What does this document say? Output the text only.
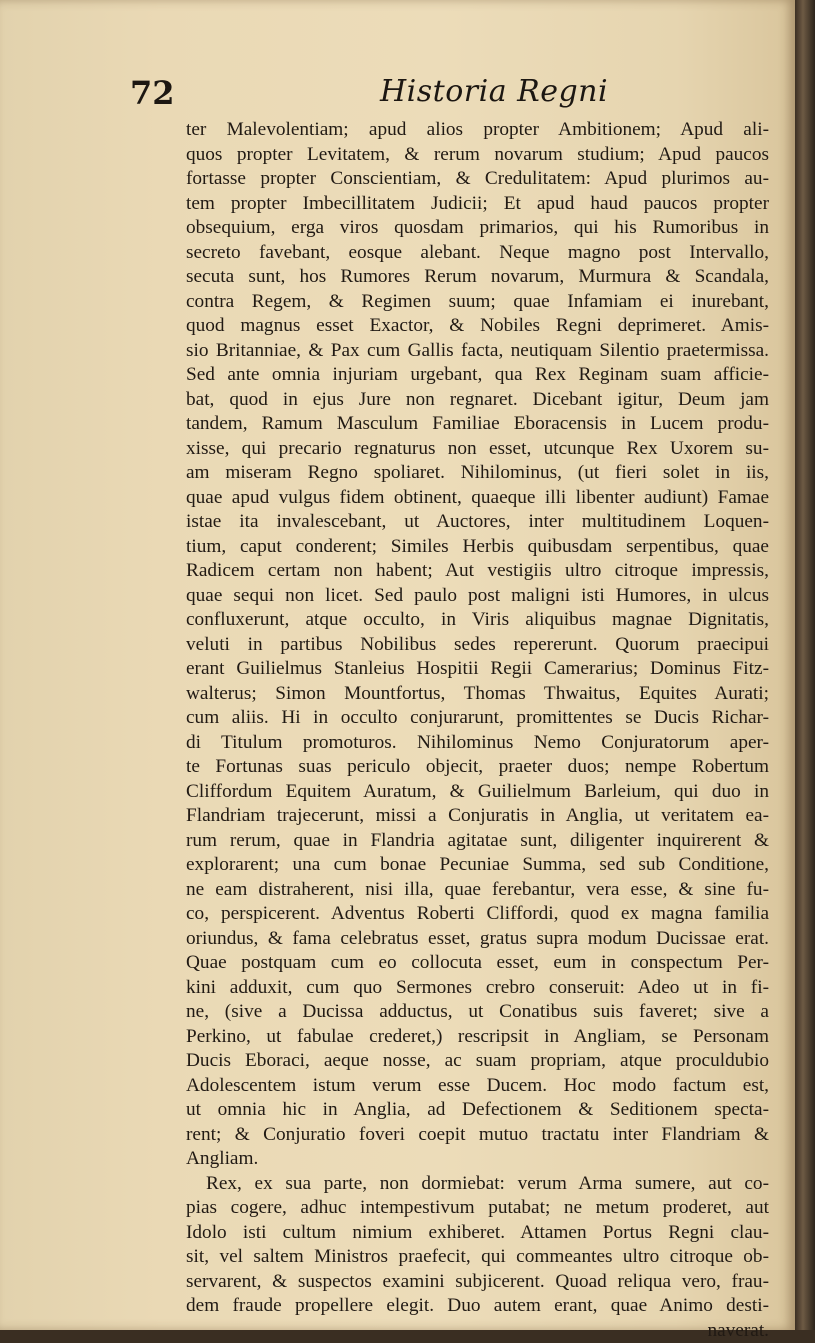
72	Historia Regni
ter Malevolentiam; apud alios propter Ambitionem; Apud ali-
quos propter Levitatem, & rerum novarum studium; Apud paucos
fortasse propter Conscientiam, & Credulitatem: Apud plurimos au-
tem propter Imbecillitatem Judicii; Et apud haud paucos propter
obsequium, erga viros quosdam primarios, qui his Rumoribus in
secreto favebant, eosque alebant. Neque magno post Intervallo,
secuta sunt, hos Rumores Rerum novarum, Murmura & Scandala,
contra Regem, & Regimen suum; quae Infamiam ei inurebant,
quod magnus esset Exactor, & Nobiles Regni deprimeret. Amis-
sio Britanniae, & Pax cum Gallis facta, neutiquam Silentio praetermissa.
Sed ante omnia injuriam urgebant, qua Rex Reginam suam afficie-
bat, quod in ejus Jure non regnaret. Dicebant igitur, Deum jam
tandem, Ramum Masculum Familiae Eboracensis in Lucem produ-
xisse, qui precario regnaturus non esset, utcunque Rex Uxorem su-
am miseram Regno spoliaret. Nihilominus, (ut fieri solet in iis,
quae apud vulgus fidem obtinent, quaeque illi libenter audiunt) Famae
istae ita invalescebant, ut Auctores, inter multitudinem Loquen-
tium, caput conderent; Similes Herbis quibusdam serpentibus, quae
Radicem certam non habent; Aut vestigiis ultro citroque impressis,
quae sequi non licet. Sed paulo post maligni isti Humores, in ulcus
confluxerunt, atque occulto, in Viris aliquibus magnae Dignitatis,
veluti in partibus Nobilibus sedes repererunt. Quorum praecipui
erant Guilielmus Stanleius Hospitii Regii Camerarius; Dominus Fitz-
walterus; Simon Mountfortus, Thomas Thwaitus, Equites Aurati;
cum aliis. Hi in occulto conjurarunt, promittentes se Ducis Richar-
di Titulum promoturos. Nihilominus Nemo Conjuratorum aper-
te Fortunas suas periculo objecit, praeter duos; nempe Robertum
Cliffordum Equitem Auratum, & Guilielmum Barleium, qui duo in
Flandriam trajecerunt, missi a Conjuratis in Anglia, ut veritatem ea-
rum rerum, quae in Flandria agitatae sunt, diligenter inquirerent &
explorarent; una cum bonae Pecuniae Summa, sed sub Conditione,
ne eam distraherent, nisi illa, quae ferebantur, vera esse, & sine fu-
co, perspicerent. Adventus Roberti Cliffordi, quod ex magna familia
oriundus, & fama celebratus esset, gratus supra modum Ducissae erat.
Quae postquam cum eo collocuta esset, eum in conspectum Per-
kini adduxit, cum quo Sermones crebro conseruit: Adeo ut in fi-
ne, (sive a Ducissa adductus, ut Conatibus suis faveret; sive a
Perkino, ut fabulae crederet,) rescripsit in Angliam, se Personam
Ducis Eboraci, aeque nosse, ac suam propriam, atque proculdubio
Adolescentem istum verum esse Ducem. Hoc modo factum est,
ut omnia hic in Anglia, ad Defectionem & Seditionem specta-
rent; & Conjuratio foveri coepit mutuo tractatu inter Flandriam &
Angliam.
Rex, ex sua parte, non dormiebat: verum Arma sumere, aut co-
pias cogere, adhuc intempestivum putabat; ne metum proderet, aut
Idolo isti cultum nimium exhiberet. Attamen Portus Regni clau-
sit, vel saltem Ministros praefecit, qui commeantes ultro citroque ob-
servarent, & suspectos examini subjicerent. Quoad reliqua vero, frau-
dem fraude propellere elegit. Duo autem erant, quae Animo desti-
naverat.
